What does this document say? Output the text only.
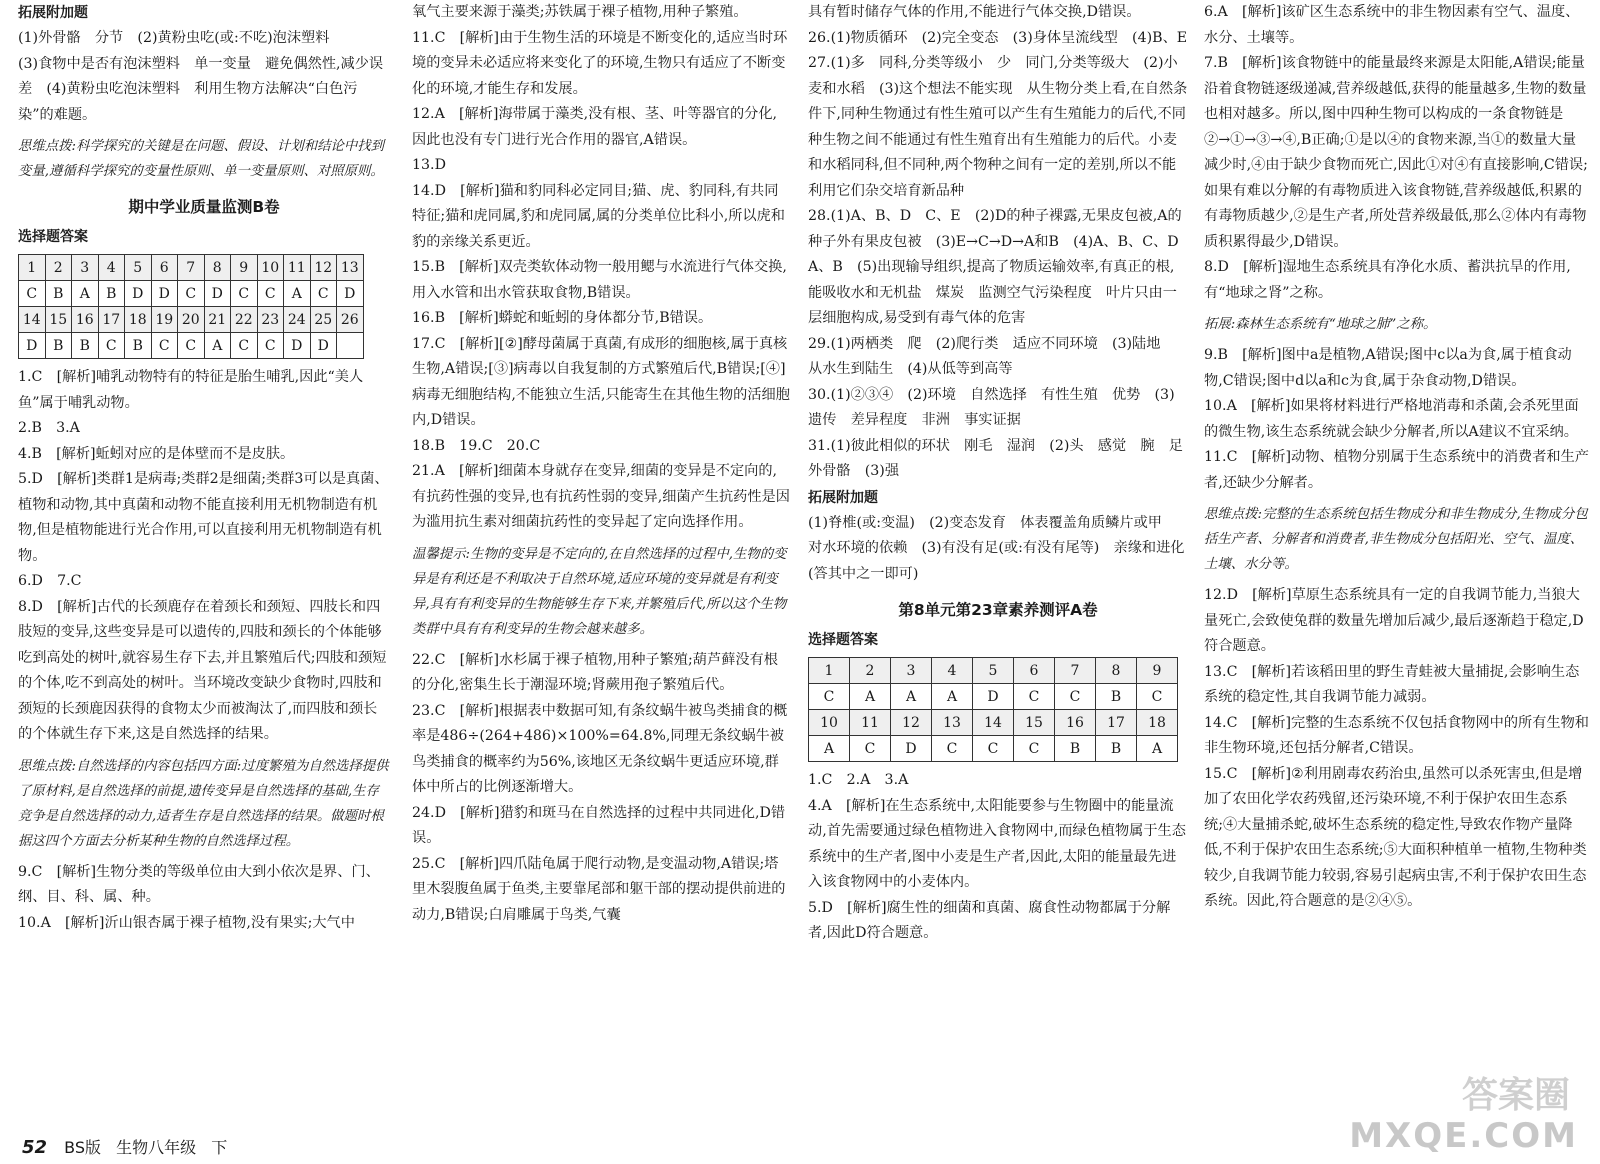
拓展附加题

(1)外骨骼　分节　(2)黄粉虫吃(或:不吃)泡沫塑料

(3)食物中是否有泡沫塑料　单一变量　避免偶然性,减少误差　(4)黄粉虫吃泡沫塑料　利用生物方法解决“白色污染”的难题。

思维点拨:科学探究的关键是在问题、假设、计划和结论中找到变量,遵循科学探究的变量性原则、单一变量原则、对照原则。

期中学业质量监测B卷

选择题答案

1	2	3	4	5	6	7	8	9	10	11	12	13
C	B	A	B	D	D	C	D	C	C	A	C	D
14	15	16	17	18	19	20	21	22	23	24	25	26
D	B	B	C	B	C	C	A	C	C	D	D	

1.C　[解析]哺乳动物特有的特征是胎生哺乳,因此“美人鱼”属于哺乳动物。

2.B　3.A

4.B　[解析]蚯蚓对应的是体壁而不是皮肤。

5.D　[解析]类群1是病毒;类群2是细菌;类群3可以是真菌、植物和动物,其中真菌和动物不能直接利用无机物制造有机物,但是植物能进行光合作用,可以直接利用无机物制造有机物。

6.D　7.C

8.D　[解析]古代的长颈鹿存在着颈长和颈短、四肢长和四肢短的变异,这些变异是可以遗传的,四肢和颈长的个体能够吃到高处的树叶,就容易生存下去,并且繁殖后代;四肢和颈短的个体,吃不到高处的树叶。当环境改变缺少食物时,四肢和颈短的长颈鹿因获得的食物太少而被淘汰了,而四肢和颈长的个体就生存下来,这是自然选择的结果。

思维点拨:自然选择的内容包括四方面:过度繁殖为自然选择提供了原材料,是自然选择的前提,遗传变异是自然选择的基础,生存竞争是自然选择的动力,适者生存是自然选择的结果。做题时根据这四个方面去分析某种生物的自然选择过程。

9.C　[解析]生物分类的等级单位由大到小依次是界、门、纲、目、科、属、种。

10.A　[解析]沂山银杏属于裸子植物,没有果实;大气中

氧气主要来源于藻类;苏铁属于裸子植物,用种子繁殖。

11.C　[解析]由于生物生活的环境是不断变化的,适应当时环境的变异未必适应将来变化了的环境,生物只有适应了不断变化的环境,才能生存和发展。

12.A　[解析]海带属于藻类,没有根、茎、叶等器官的分化,因此也没有专门进行光合作用的器官,A错误。

13.D

14.D　[解析]猫和豹同科必定同目;猫、虎、豹同科,有共同特征;猫和虎同属,豹和虎同属,属的分类单位比科小,所以虎和豹的亲缘关系更近。

15.B　[解析]双壳类软体动物一般用鳃与水流进行气体交换,用入水管和出水管获取食物,B错误。

16.B　[解析]蟒蛇和蚯蚓的身体都分节,B错误。

17.C　[解析][②]酵母菌属于真菌,有成形的细胞核,属于真核生物,A错误;[③]病毒以自我复制的方式繁殖后代,B错误;[④]病毒无细胞结构,不能独立生活,只能寄生在其他生物的活细胞内,D错误。

18.B　19.C　20.C

21.A　[解析]细菌本身就存在变异,细菌的变异是不定向的,有抗药性强的变异,也有抗药性弱的变异,细菌产生抗药性是因为滥用抗生素对细菌抗药性的变异起了定向选择作用。

温馨提示:生物的变异是不定向的,在自然选择的过程中,生物的变异是有利还是不利取决于自然环境,适应环境的变异就是有利变异,具有有利变异的生物能够生存下来,并繁殖后代,所以这个生物类群中具有有利变异的生物会越来越多。

22.C　[解析]水杉属于裸子植物,用种子繁殖;葫芦藓没有根的分化,密集生长于潮湿环境;肾蕨用孢子繁殖后代。

23.C　[解析]根据表中数据可知,有条纹蜗牛被鸟类捕食的概率是486÷(264+486)×100%=64.8%,同理无条纹蜗牛被鸟类捕食的概率约为56%,该地区无条纹蜗牛更适应环境,群体中所占的比例逐渐增大。

24.D　[解析]猎豹和斑马在自然选择的过程中共同进化,D错误。

25.C　[解析]四爪陆龟属于爬行动物,是变温动物,A错误;塔里木裂腹鱼属于鱼类,主要靠尾部和躯干部的摆动提供前进的动力,B错误;白肩雕属于鸟类,气囊

具有暂时储存气体的作用,不能进行气体交换,D错误。

26.(1)物质循环　(2)完全变态　(3)身体呈流线型　(4)B、E

27.(1)多　同科,分类等级小　少　同门,分类等级大　(2)小麦和水稻　(3)这个想法不能实现　从生物分类上看,在自然条件下,同种生物通过有性生殖可以产生有生殖能力的后代,不同种生物之间不能通过有性生殖育出有生殖能力的后代。小麦和水稻同科,但不同种,两个物种之间有一定的差别,所以不能利用它们杂交培育新品种

28.(1)A、B、D　C、E　(2)D的种子裸露,无果皮包被,A的种子外有果皮包被　(3)E→C→D→A和B　(4)A、B、C、D　A、B　(5)出现输导组织,提高了物质运输效率,有真正的根,能吸收水和无机盐　煤炭　监测空气污染程度　叶片只由一层细胞构成,易受到有毒气体的危害

29.(1)两栖类　爬　(2)爬行类　适应不同环境　(3)陆地　从水生到陆生　(4)从低等到高等

30.(1)②③④　(2)环境　自然选择　有性生殖　优势　(3)遗传　差异程度　非洲　事实证据

31.(1)彼此相似的环状　刚毛　湿润　(2)头　感觉　腕　足　外骨骼　(3)强

拓展附加题

(1)脊椎(或:变温)　(2)变态发育　体表覆盖角质鳞片或甲　对水环境的依赖　(3)有没有足(或:有没有尾等)　亲缘和进化(答其中之一即可)

第8单元第23章素养测评A卷

选择题答案

1	2	3	4	5	6	7	8	9
C	A	A	A	D	C	C	B	C
10	11	12	13	14	15	16	17	18
A	C	D	C	C	C	B	B	A

1.C　2.A　3.A

4.A　[解析]在生态系统中,太阳能要参与生物圈中的能量流动,首先需要通过绿色植物进入食物网中,而绿色植物属于生态系统中的生产者,图中小麦是生产者,因此,太阳的能量最先进入该食物网中的小麦体内。

5.D　[解析]腐生性的细菌和真菌、腐食性动物都属于分解者,因此D符合题意。

6.A　[解析]该矿区生态系统中的非生物因素有空气、温度、水分、土壤等。

7.B　[解析]该食物链中的能量最终来源是太阳能,A错误;能量沿着食物链逐级递减,营养级越低,获得的能量越多,生物的数量也相对越多。所以,图中四种生物可以构成的一条食物链是②→①→③→④,B正确;①是以④的食物来源,当①的数量大量减少时,④由于缺少食物而死亡,因此①对④有直接影响,C错误;如果有难以分解的有毒物质进入该食物链,营养级越低,积累的有毒物质越少,②是生产者,所处营养级最低,那么②体内有毒物质积累得最少,D错误。

8.D　[解析]湿地生态系统具有净化水质、蓄洪抗旱的作用,有“地球之肾”之称。

拓展:森林生态系统有“地球之肺”之称。

9.B　[解析]图中a是植物,A错误;图中c以a为食,属于植食动物,C错误;图中d以a和c为食,属于杂食动物,D错误。

10.A　[解析]如果将材料进行严格地消毒和杀菌,会杀死里面的微生物,该生态系统就会缺少分解者,所以A建议不宜采纳。

11.C　[解析]动物、植物分别属于生态系统中的消费者和生产者,还缺少分解者。

思维点拨:完整的生态系统包括生物成分和非生物成分,生物成分包括生产者、分解者和消费者,非生物成分包括阳光、空气、温度、土壤、水分等。

12.D　[解析]草原生态系统具有一定的自我调节能力,当狼大量死亡,会致使兔群的数量先增加后减少,最后逐渐趋于稳定,D符合题意。

13.C　[解析]若该稻田里的野生青蛙被大量捕捉,会影响生态系统的稳定性,其自我调节能力减弱。

14.C　[解析]完整的生态系统不仅包括食物网中的所有生物和非生物环境,还包括分解者,C错误。

15.C　[解析]②利用剧毒农药治虫,虽然可以杀死害虫,但是增加了农田化学农药残留,还污染环境,不利于保护农田生态系统;④大量捕杀蛇,破坏生态系统的稳定性,导致农作物产量降低,不利于保护农田生态系统;⑤大面积种植单一植物,生物种类较少,自我调节能力较弱,容易引起病虫害,不利于保护农田生态系统。因此,符合题意的是②④⑤。

52 BS版 生物八年级 下
答案圈
MXQE.COM
